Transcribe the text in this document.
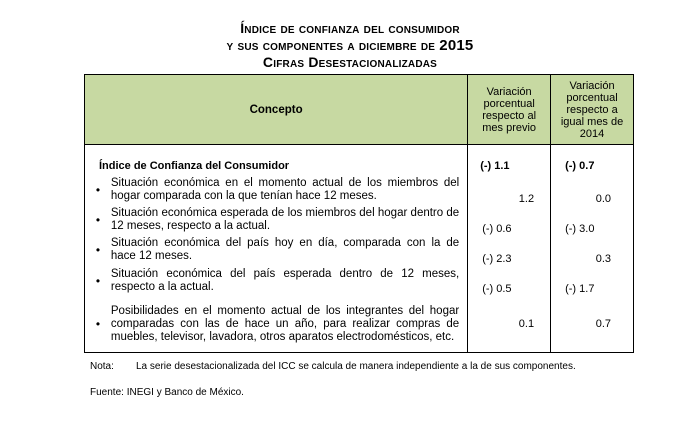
Índice de confianza del consumidor
y sus componentes a diciembre de 2015
Cifras Desestacionalizadas
Concepto		Variación porcentual respecto al mes previo	Variación porcentual respecto a igual mes de 2014

Índice de Confianza del Consumidor		(-) 1.1	(-) 0.7
•	Situación económica en el momento actual de los miembros del hogar comparada con la que tenían hace 12 meses.	1.2	0.0
•	Situación económica esperada de los miembros del hogar dentro de 12 meses, respecto a la actual.	(-) 0.6	(-) 3.0
•	Situación económica del país hoy en día, comparada con la de hace 12 meses.	(-) 2.3	0.3
•	Situación económica del país esperada dentro de 12 meses, respecto a la actual.	(-) 0.5	(-) 1.7
•	Posibilidades en el momento actual de los integrantes del hogar comparadas con las de hace un año, para realizar compras de muebles, televisor, lavadora, otros aparatos electrodomésticos, etc.	0.1	0.7
Nota: La serie desestacionalizada del ICC se calcula de manera independiente a la de sus componentes.
Fuente: INEGI y Banco de México.
